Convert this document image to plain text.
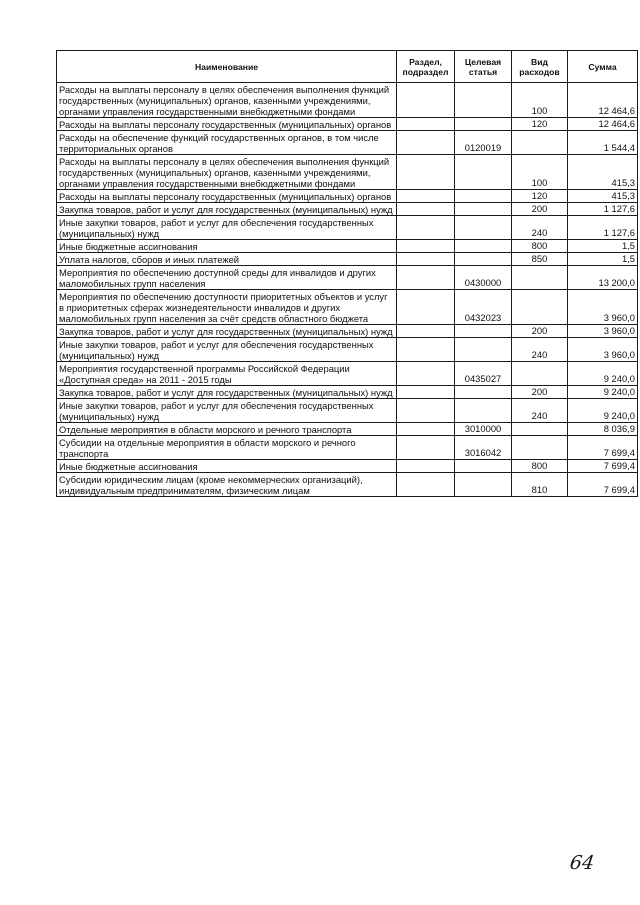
Наименование	Раздел, подраздел	Целевая статья	Вид расходов	Сумма
Расходы на выплаты персоналу в целях обеспечения выполнения функций государственных (муниципальных) органов, казенными учреждениями, органами управления государственными внебюджетными фондами			100	12 464,6
Расходы на выплаты персоналу государственных (муниципальных) органов			120	12 464,6
Расходы на обеспечение функций государственных органов, в том числе территориальных органов		0120019		1 544,4
Расходы на выплаты персоналу в целях обеспечения выполнения функций государственных (муниципальных) органов, казенными учреждениями, органами управления государственными внебюджетными фондами			100	415,3
Расходы на выплаты персоналу государственных (муниципальных) органов			120	415,3
Закупка товаров, работ и услуг для государственных (муниципальных) нужд			200	1 127,6
Иные закупки товаров, работ и услуг для обеспечения государственных (муниципальных) нужд			240	1 127,6
Иные бюджетные ассигнования			800	1,5
Уплата налогов, сборов и иных платежей			850	1,5
Мероприятия по обеспечению доступной среды для инвалидов и других маломобильных групп населения		0430000		13 200,0
Мероприятия по обеспечению доступности приоритетных объектов и услуг в приоритетных сферах жизнедеятельности инвалидов и других маломобильных групп населения за счёт средств областного бюджета		0432023		3 960,0
Закупка товаров, работ и услуг для государственных (муниципальных) нужд			200	3 960,0
Иные закупки товаров, работ и услуг для обеспечения государственных (муниципальных) нужд			240	3 960,0
Мероприятия государственной программы Российской Федерации «Доступная среда» на 2011 - 2015 годы		0435027		9 240,0
Закупка товаров, работ и услуг для государственных (муниципальных) нужд			200	9 240,0
Иные закупки товаров, работ и услуг для обеспечения государственных (муниципальных) нужд			240	9 240,0
Отдельные мероприятия в области морского и речного транспорта		3010000		8 036,9
Субсидии на отдельные мероприятия в области морского и речного транспорта		3016042		7 699,4
Иные бюджетные ассигнования			800	7 699,4
Субсидии юридическим лицам (кроме некоммерческих организаций), индивидуальным предпринимателям, физическим лицам			810	7 699,4
64
